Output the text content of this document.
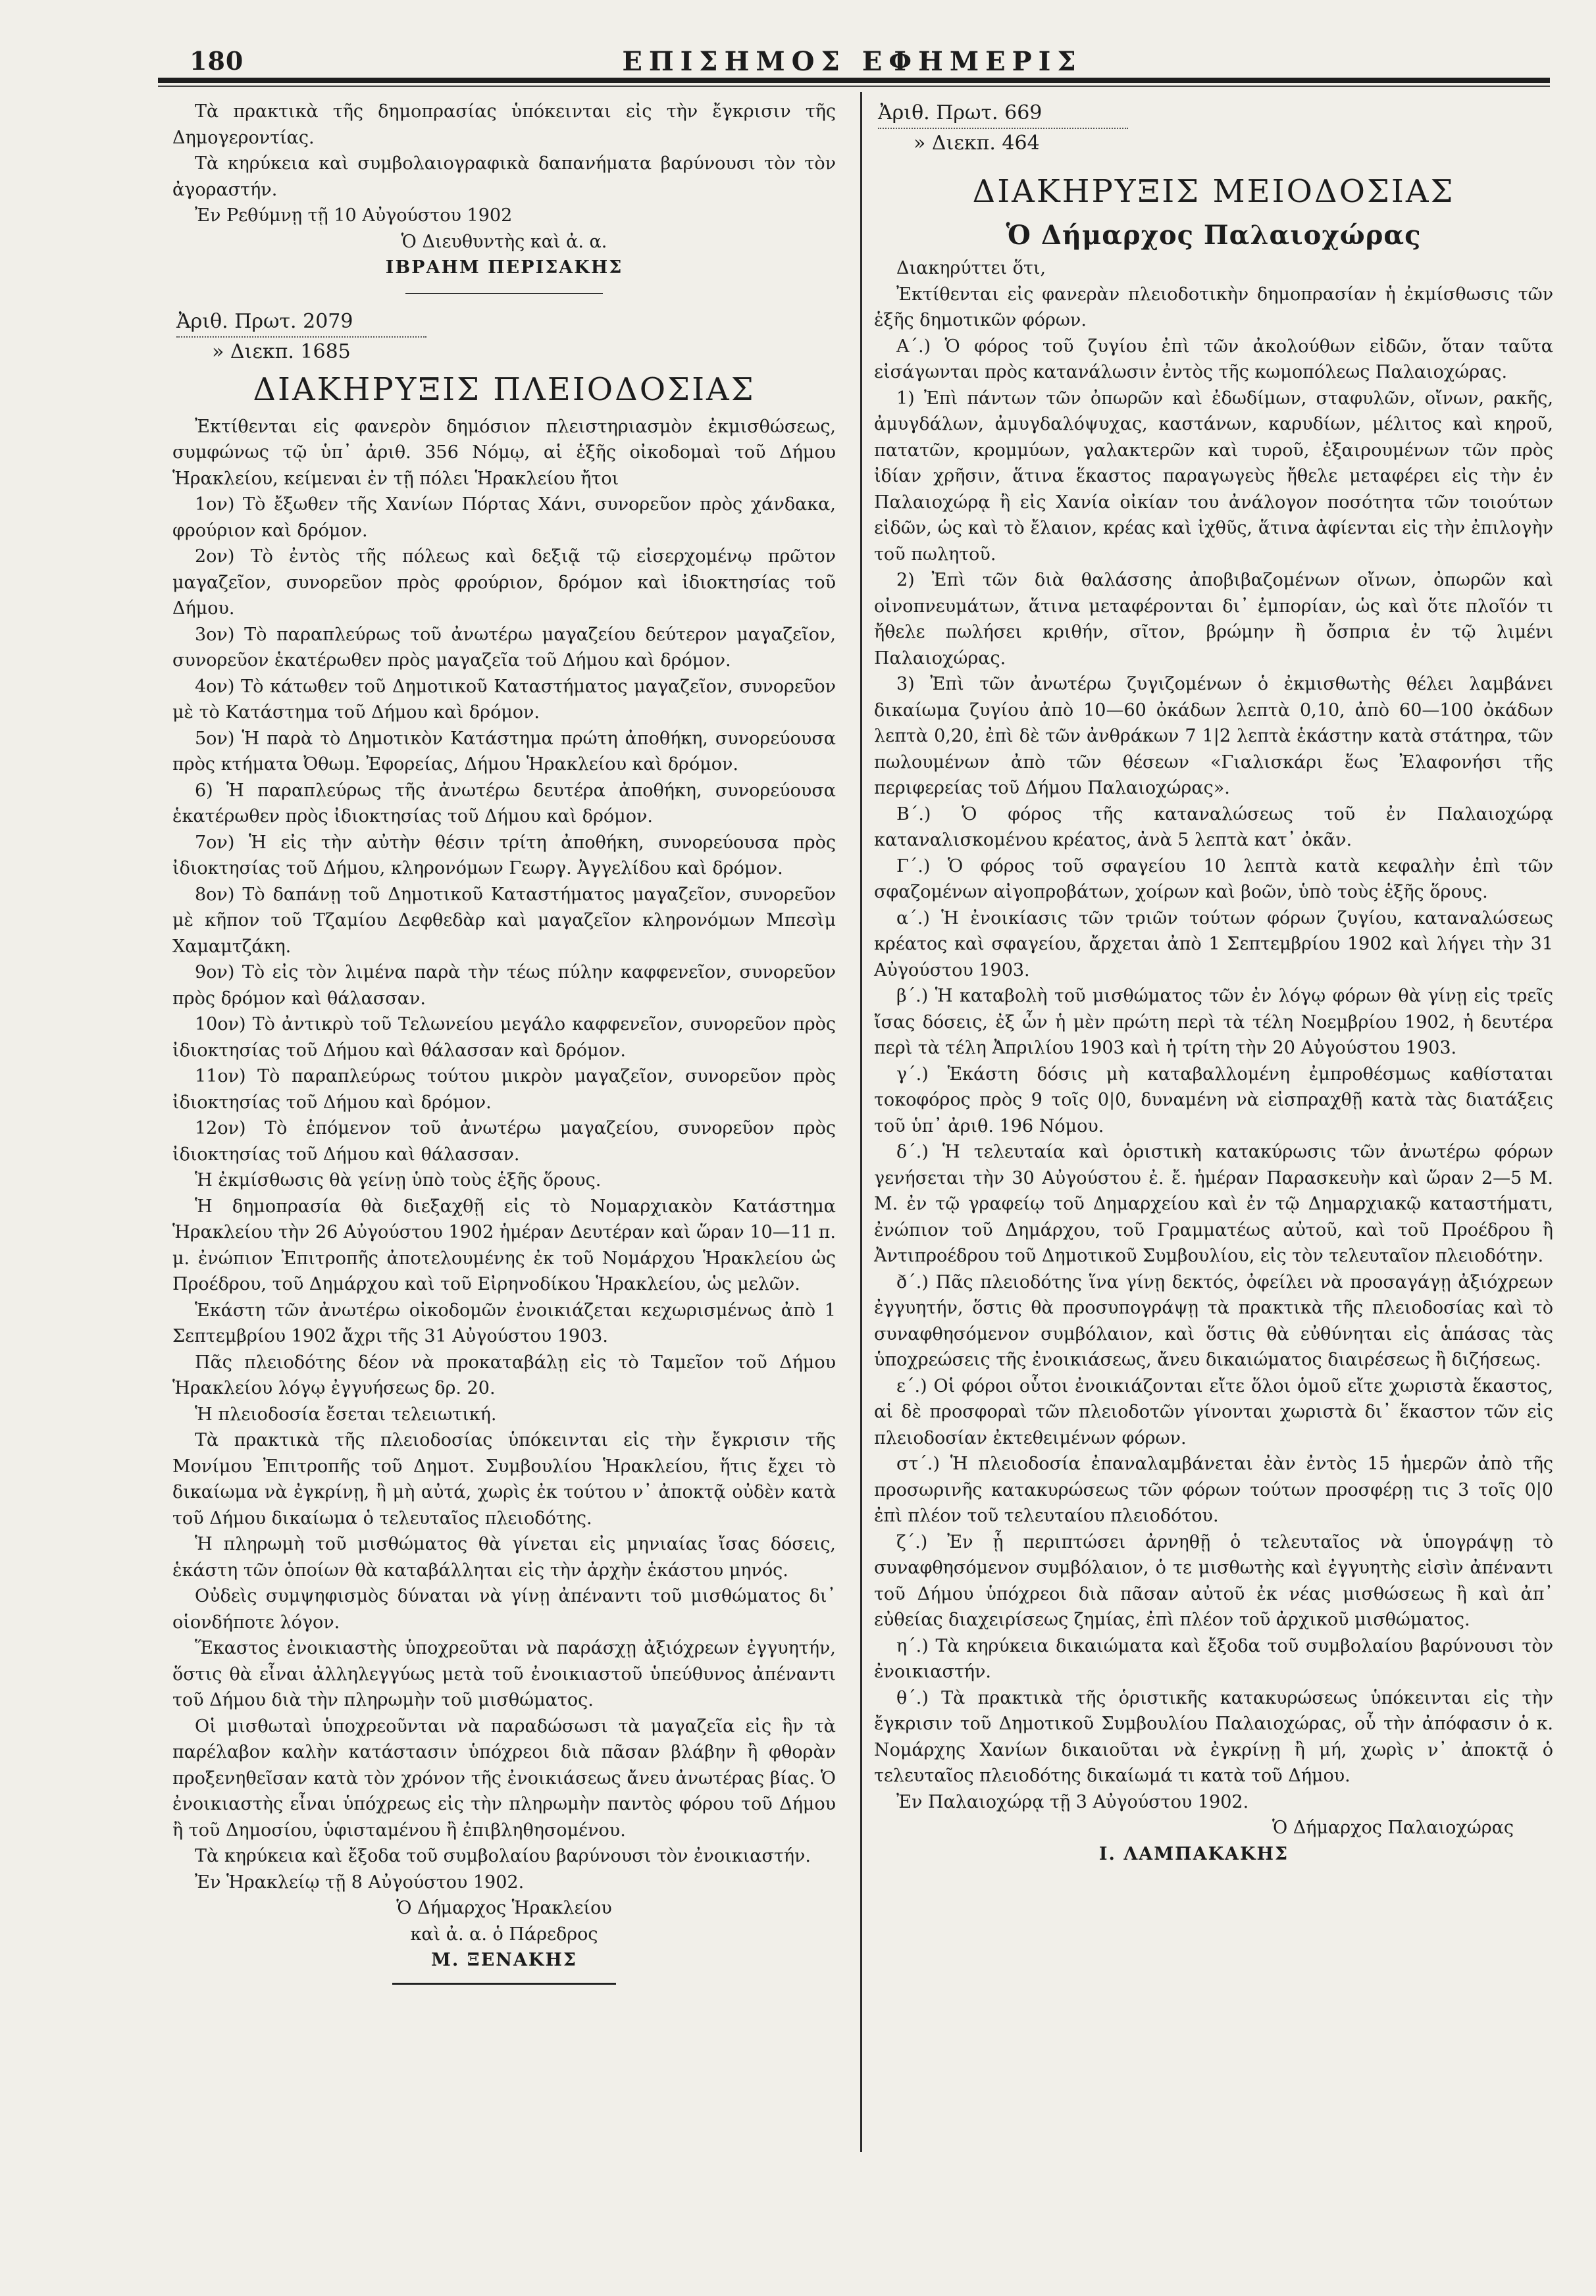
180	ΕΠΙΣΗΜΟΣ ΕΦΗΜΕΡΙΣ

Τὰ πρακτικὰ τῆς δημοπρασίας ὑπόκεινται εἰς τὴν ἔγκρισιν τῆς Δημογεροντίας.

Τὰ κηρύκεια καὶ συμβολαιογραφικὰ δαπανήματα βαρύνουσι τὸν τὸν ἀγοραστήν.

Ἐν Ρεθύμνῃ τῇ 10 Αὐγούστου 1902

Ὁ Διευθυντὴς καὶ ἀ. α.

ΙΒΡΑΗΜ ΠΕΡΙΣΑΚΗΣ

Ἀριθ. Πρωτ. 2079

» Διεκπ. 1685

ΔΙΑΚΗΡΥΞΙΣ ΠΛΕΙΟΔΟΣΙΑΣ

Ἐκτίθενται εἰς φανερὸν δημόσιον πλειστηριασμὸν ἐκμισθώσεως, συμφώνως τῷ ὑπ᾽ ἀριθ. 356 Νόμῳ, αἱ ἑξῆς οἰκοδομαὶ τοῦ Δήμου Ἡρακλείου, κείμεναι ἐν τῇ πόλει Ἡρακλείου ἤτοι

1ον) Τὸ ἔξωθεν τῆς Χανίων Πόρτας Χάνι, συνορεῦον πρὸς χάνδακα, φρούριον καὶ δρόμον.

2ον) Τὸ ἐντὸς τῆς πόλεως καὶ δεξιᾷ τῷ εἰσερχομένῳ πρῶτον μαγαζεῖον, συνορεῦον πρὸς φρούριον, δρόμον καὶ ἰδιοκτησίας τοῦ Δήμου.

3ον) Τὸ παραπλεύρως τοῦ ἀνωτέρω μαγαζείου δεύτερον μαγαζεῖον, συνορεῦον ἑκατέρωθεν πρὸς μαγαζεῖα τοῦ Δήμου καὶ δρόμον.

4ον) Τὸ κάτωθεν τοῦ Δημοτικοῦ Καταστήματος μαγαζεῖον, συνορεῦον μὲ τὸ Κατάστημα τοῦ Δήμου καὶ δρόμον.

5ον) Ἡ παρὰ τὸ Δημοτικὸν Κατάστημα πρώτη ἀποθήκη, συνορεύουσα πρὸς κτήματα Ὀθωμ. Ἐφορείας, Δήμου Ἡρακλείου καὶ δρόμον.

6) Ἡ παραπλεύρως τῆς ἀνωτέρω δευτέρα ἀποθήκη, συνορεύουσα ἑκατέρωθεν πρὸς ἰδιοκτησίας τοῦ Δήμου καὶ δρόμον.

7ον) Ἡ εἰς τὴν αὐτὴν θέσιν τρίτη ἀποθήκη, συνορεύουσα πρὸς ἰδιοκτησίας τοῦ Δήμου, κληρονόμων Γεωργ. Ἀγγελίδου καὶ δρόμον.

8ον) Τὸ δαπάνῃ τοῦ Δημοτικοῦ Καταστήματος μαγαζεῖον, συνορεῦον μὲ κῆπον τοῦ Τζαμίου Δεφθεδὰρ καὶ μαγαζεῖον κληρονόμων Μπεσὶμ Χαμαμτζάκη.

9ον) Τὸ εἰς τὸν λιμένα παρὰ τὴν τέως πύλην καφφενεῖον, συνορεῦον πρὸς δρόμον καὶ θάλασσαν.

10ον) Τὸ ἀντικρὺ τοῦ Τελωνείου μεγάλο καφφενεῖον, συνορεῦον πρὸς ἰδιοκτησίας τοῦ Δήμου καὶ θάλασσαν καὶ δρόμον.

11ον) Τὸ παραπλεύρως τούτου μικρὸν μαγαζεῖον, συνορεῦον πρὸς ἰδιοκτησίας τοῦ Δήμου καὶ δρόμον.

12ον) Τὸ ἑπόμενον τοῦ ἀνωτέρω μαγαζείου, συνορεῦον πρὸς ἰδιοκτησίας τοῦ Δήμου καὶ θάλασσαν.

Ἡ ἐκμίσθωσις θὰ γείνῃ ὑπὸ τοὺς ἑξῆς ὅρους.

Ἡ δημοπρασία θὰ διεξαχθῇ εἰς τὸ Νομαρχιακὸν Κατάστημα Ἡρακλείου τὴν 26 Αὐγούστου 1902 ἡμέραν Δευτέραν καὶ ὥραν 10—11 π. μ. ἐνώπιον Ἐπιτροπῆς ἀποτελουμένης ἐκ τοῦ Νομάρχου Ἡρακλείου ὡς Προέδρου, τοῦ Δημάρχου καὶ τοῦ Εἰρηνοδίκου Ἡρακλείου, ὡς μελῶν.

Ἑκάστη τῶν ἀνωτέρω οἰκοδομῶν ἐνοικιάζεται κεχωρισμένως ἀπὸ 1 Σεπτεμβρίου 1902 ἄχρι τῆς 31 Αὐγούστου 1903.

Πᾶς πλειοδότης δέον νὰ προκαταβάλῃ εἰς τὸ Ταμεῖον τοῦ Δήμου Ἡρακλείου λόγῳ ἐγγυήσεως δρ. 20.

Ἡ πλειοδοσία ἔσεται τελειωτική.

Τὰ πρακτικὰ τῆς πλειοδοσίας ὑπόκεινται εἰς τὴν ἔγκρισιν τῆς Μονίμου Ἐπιτροπῆς τοῦ Δημοτ. Συμβουλίου Ἡρακλείου, ἥτις ἔχει τὸ δικαίωμα νὰ ἐγκρίνῃ, ἢ μὴ αὐτά, χωρὶς ἐκ τούτου ν᾽ ἀποκτᾷ οὐδὲν κατὰ τοῦ Δήμου δικαίωμα ὁ τελευταῖος πλειοδότης.

Ἡ πληρωμὴ τοῦ μισθώματος θὰ γίνεται εἰς μηνιαίας ἴσας δόσεις, ἑκάστη τῶν ὁποίων θὰ καταβάλληται εἰς τὴν ἀρχὴν ἑκάστου μηνός.

Οὐδεὶς συμψηφισμὸς δύναται νὰ γίνῃ ἀπέναντι τοῦ μισθώματος δι᾽ οἱονδήποτε λόγον.

Ἕκαστος ἐνοικιαστὴς ὑποχρεοῦται νὰ παράσχῃ ἀξιόχρεων ἐγγυητήν, ὅστις θὰ εἶναι ἀλληλεγγύως μετὰ τοῦ ἐνοικιαστοῦ ὑπεύθυνος ἀπέναντι τοῦ Δήμου διὰ τὴν πληρωμὴν τοῦ μισθώματος.

Οἱ μισθωταὶ ὑποχρεοῦνται νὰ παραδώσωσι τὰ μαγαζεῖα εἰς ἣν τὰ παρέλαβον καλὴν κατάστασιν ὑπόχρεοι διὰ πᾶσαν βλάβην ἢ φθορὰν προξενηθεῖσαν κατὰ τὸν χρόνον τῆς ἐνοικιάσεως ἄνευ ἀνωτέρας βίας. Ὁ ἐνοικιαστὴς εἶναι ὑπόχρεως εἰς τὴν πληρωμὴν παντὸς φόρου τοῦ Δήμου ἢ τοῦ Δημοσίου, ὑφισταμένου ἢ ἐπιβληθησομένου.

Τὰ κηρύκεια καὶ ἔξοδα τοῦ συμβολαίου βαρύνουσι τὸν ἐνοικιαστήν.

Ἐν Ἡρακλείῳ τῇ 8 Αὐγούστου 1902.

Ὁ Δήμαρχος Ἡρακλείου

καὶ ἀ. α. ὁ Πάρεδρος

Μ. ΞΕΝΑΚΗΣ

Ἀριθ. Πρωτ. 669

» Διεκπ. 464

ΔΙΑΚΗΡΥΞΙΣ ΜΕΙΟΔΟΣΙΑΣ

Ὁ Δήμαρχος Παλαιοχώρας

Διακηρύττει ὅτι,

Ἐκτίθενται εἰς φανερὰν πλειοδοτικὴν δημοπρασίαν ἡ ἐκμίσθωσις τῶν ἑξῆς δημοτικῶν φόρων.

Α΄.) Ὁ φόρος τοῦ ζυγίου ἐπὶ τῶν ἀκολούθων εἰδῶν, ὅταν ταῦτα εἰσάγωνται πρὸς κατανάλωσιν ἐντὸς τῆς κωμοπόλεως Παλαιοχώρας.

1) Ἐπὶ πάντων τῶν ὀπωρῶν καὶ ἐδωδίμων, σταφυλῶν, οἴνων, ρακῆς, ἀμυγδάλων, ἀμυγδαλόψυχας, καστάνων, καρυδίων, μέλιτος καὶ κηροῦ, πατατῶν, κρομμύων, γαλακτερῶν καὶ τυροῦ, ἐξαιρουμένων τῶν πρὸς ἰδίαν χρῆσιν, ἅτινα ἕκαστος παραγωγεὺς ἤθελε μεταφέρει εἰς τὴν ἐν Παλαιοχώρᾳ ἢ εἰς Χανία οἰκίαν του ἀνάλογον ποσότητα τῶν τοιούτων εἰδῶν, ὡς καὶ τὸ ἔλαιον, κρέας καὶ ἰχθῦς, ἅτινα ἀφίενται εἰς τὴν ἐπιλογὴν τοῦ πωλητοῦ.

2) Ἐπὶ τῶν διὰ θαλάσσης ἀποβιβαζομένων οἴνων, ὀπωρῶν καὶ οἰνοπνευμάτων, ἅτινα μεταφέρονται δι᾽ ἐμπορίαν, ὡς καὶ ὅτε πλοῖόν τι ἤθελε πωλήσει κριθήν, σῖτον, βρώμην ἢ ὄσπρια ἐν τῷ λιμένι Παλαιοχώρας.

3) Ἐπὶ τῶν ἀνωτέρω ζυγιζομένων ὁ ἐκμισθωτὴς θέλει λαμβάνει δικαίωμα ζυγίου ἀπὸ 10—60 ὀκάδων λεπτὰ 0,10, ἀπὸ 60—100 ὀκάδων λεπτὰ 0,20, ἐπὶ δὲ τῶν ἀνθράκων 7 1|2 λεπτὰ ἑκάστην κατὰ στάτηρα, τῶν πωλουμένων ἀπὸ τῶν θέσεων «Γιαλισκάρι ἕως Ἐλαφονήσι τῆς περιφερείας τοῦ Δήμου Παλαιοχώρας».

Β΄.) Ὁ φόρος τῆς καταναλώσεως τοῦ ἐν Παλαιοχώρᾳ καταναλισκομένου κρέατος, ἀνὰ 5 λεπτὰ κατ᾽ ὀκᾶν.

Γ΄.) Ὁ φόρος τοῦ σφαγείου 10 λεπτὰ κατὰ κεφαλὴν ἐπὶ τῶν σφαζομένων αἰγοπροβάτων, χοίρων καὶ βοῶν, ὑπὸ τοὺς ἑξῆς ὅρους.

α΄.) Ἡ ἐνοικίασις τῶν τριῶν τούτων φόρων ζυγίου, καταναλώσεως κρέατος καὶ σφαγείου, ἄρχεται ἀπὸ 1 Σεπτεμβρίου 1902 καὶ λήγει τὴν 31 Αὐγούστου 1903.

β΄.) Ἡ καταβολὴ τοῦ μισθώματος τῶν ἐν λόγῳ φόρων θὰ γίνῃ εἰς τρεῖς ἴσας δόσεις, ἐξ ὧν ἡ μὲν πρώτη περὶ τὰ τέλη Νοεμβρίου 1902, ἡ δευτέρα περὶ τὰ τέλη Ἀπριλίου 1903 καὶ ἡ τρίτη τὴν 20 Αὐγούστου 1903.

γ΄.) Ἑκάστη δόσις μὴ καταβαλλομένη ἐμπροθέσμως καθίσταται τοκοφόρος πρὸς 9 τοῖς 0|0, δυναμένη νὰ εἰσπραχθῇ κατὰ τὰς διατάξεις τοῦ ὑπ᾽ ἀριθ. 196 Νόμου.

δ΄.) Ἡ τελευταία καὶ ὁριστικὴ κατακύρωσις τῶν ἀνωτέρω φόρων γενήσεται τὴν 30 Αὐγούστου ἐ. ἔ. ἡμέραν Παρασκευὴν καὶ ὥραν 2—5 Μ. Μ. ἐν τῷ γραφείῳ τοῦ Δημαρχείου καὶ ἐν τῷ Δημαρχιακῷ καταστήματι, ἐνώπιον τοῦ Δημάρχου, τοῦ Γραμματέως αὐτοῦ, καὶ τοῦ Προέδρου ἢ Ἀντιπροέδρου τοῦ Δημοτικοῦ Συμβουλίου, εἰς τὸν τελευταῖον πλειοδότην.

ð΄.) Πᾶς πλειοδότης ἵνα γίνῃ δεκτός, ὀφείλει νὰ προσαγάγῃ ἀξιόχρεων ἐγγυητήν, ὅστις θὰ προσυπογράψῃ τὰ πρακτικὰ τῆς πλειοδοσίας καὶ τὸ συναφθησόμενον συμβόλαιον, καὶ ὅστις θὰ εὐθύνηται εἰς ἁπάσας τὰς ὑποχρεώσεις τῆς ἐνοικιάσεως, ἄνευ δικαιώματος διαιρέσεως ἢ διζήσεως.

ε΄.) Οἱ φόροι οὗτοι ἐνοικιάζονται εἴτε ὅλοι ὁμοῦ εἴτε χωριστὰ ἕκαστος, αἱ δὲ προσφοραὶ τῶν πλειοδοτῶν γίνονται χωριστὰ δι᾽ ἕκαστον τῶν εἰς πλειοδοσίαν ἐκτεθειμένων φόρων.

στ΄.) Ἡ πλειοδοσία ἐπαναλαμβάνεται ἐὰν ἐντὸς 15 ἡμερῶν ἀπὸ τῆς προσωρινῆς κατακυρώσεως τῶν φόρων τούτων προσφέρῃ τις 3 τοῖς 0|0 ἐπὶ πλέον τοῦ τελευταίου πλειοδότου.

ζ΄.) Ἐν ᾗ περιπτώσει ἀρνηθῇ ὁ τελευταῖος νὰ ὑπογράψῃ τὸ συναφθησόμενον συμβόλαιον, ὁ τε μισθωτὴς καὶ ἐγγυητὴς εἰσὶν ἀπέναντι τοῦ Δήμου ὑπόχρεοι διὰ πᾶσαν αὐτοῦ ἐκ νέας μισθώσεως ἢ καὶ ἀπ᾽ εὐθείας διαχειρίσεως ζημίας, ἐπὶ πλέον τοῦ ἀρχικοῦ μισθώματος.

η΄.) Τὰ κηρύκεια δικαιώματα καὶ ἔξοδα τοῦ συμβολαίου βαρύνουσι τὸν ἐνοικιαστήν.

θ΄.) Τὰ πρακτικὰ τῆς ὁριστικῆς κατακυρώσεως ὑπόκεινται εἰς τὴν ἔγκρισιν τοῦ Δημοτικοῦ Συμβουλίου Παλαιοχώρας, οὗ τὴν ἀπόφασιν ὁ κ. Νομάρχης Χανίων δικαιοῦται νὰ ἐγκρίνῃ ἢ μή, χωρὶς ν᾽ ἀποκτᾷ ὁ τελευταῖος πλειοδότης δικαίωμά τι κατὰ τοῦ Δήμου.

Ἐν Παλαιοχώρᾳ τῇ 3 Αὐγούστου 1902.

Ὁ Δήμαρχος Παλαιοχώρας

Ι. ΛΑΜΠΑΚΑΚΗΣ
